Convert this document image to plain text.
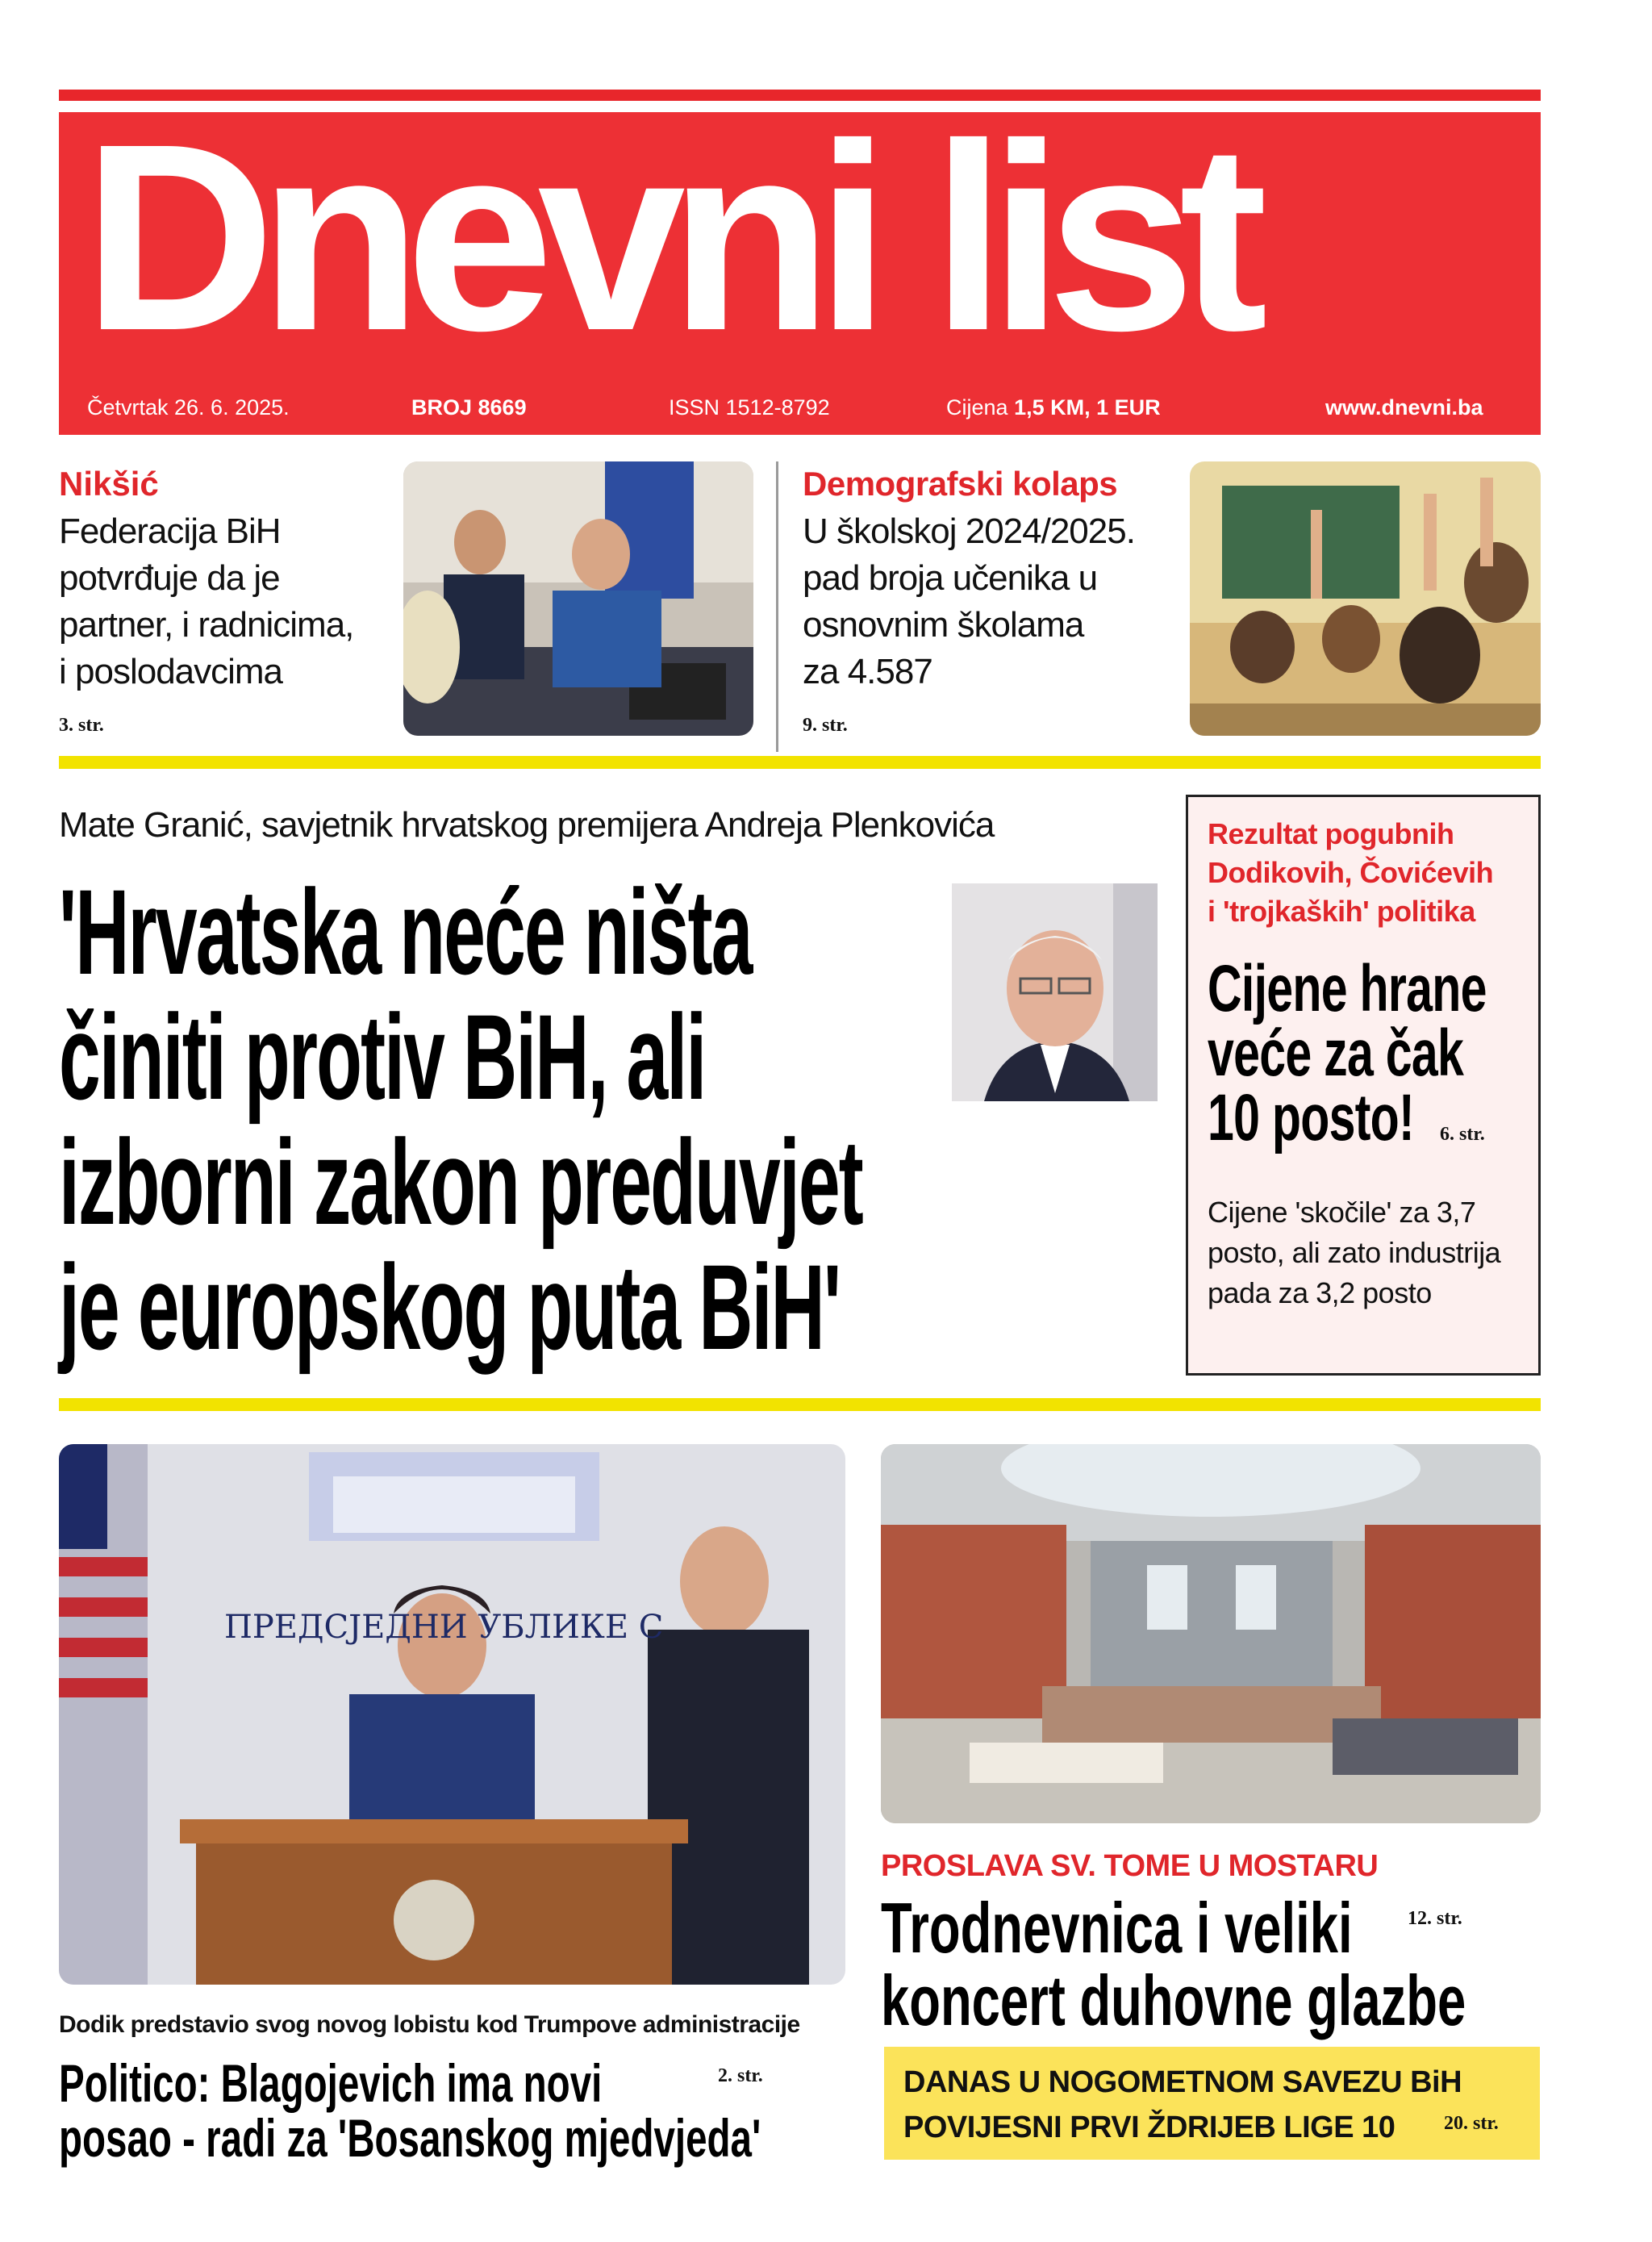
Dnevni list
Četvrtak 26. 6. 2025.	BROJ 8669	ISSN 1512-8792	Cijena 1,5 KM, 1 EUR	www.dnevni.ba
Nikšić
Federacija BiH
potvrđuje da je
partner, i radnicima,
i poslodavcima
3. str.
Demografski kolaps
U školskoj 2024/2025.
pad broja učenika u
osnovnim školama
za 4.587
9. str.
Mate Granić, savjetnik hrvatskog premijera Andreja Plenkovića
'Hrvatska neće ništa
činiti protiv BiH, ali
izborni zakon preduvjet
je europskog puta BiH'
Rezultat pogubnih
Dodikovih, Čovićevih
i 'trojkaških' politika
Cijene hrane
veće za čak
10 posto! 6. str.
Cijene 'skočile' za 3,7
posto, ali zato industrija
pada za 3,2 posto
ПРЕДСЈЕДНИ УБЛИКЕ С
Dodik predstavio svog novog lobistu kod Trumpove administracije
Politico: Blagojevich ima novi
posao - radi za 'Bosanskog mjedvjeda'
2. str.
PROSLAVA SV. TOME U MOSTARU
Trodnevnica i veliki
koncert duhovne glazbe
12. str.
DANAS U NOGOMETNOM SAVEZU BiH
POVIJESNI PRVI ŽDRIJEB LIGE 10	20. str.
